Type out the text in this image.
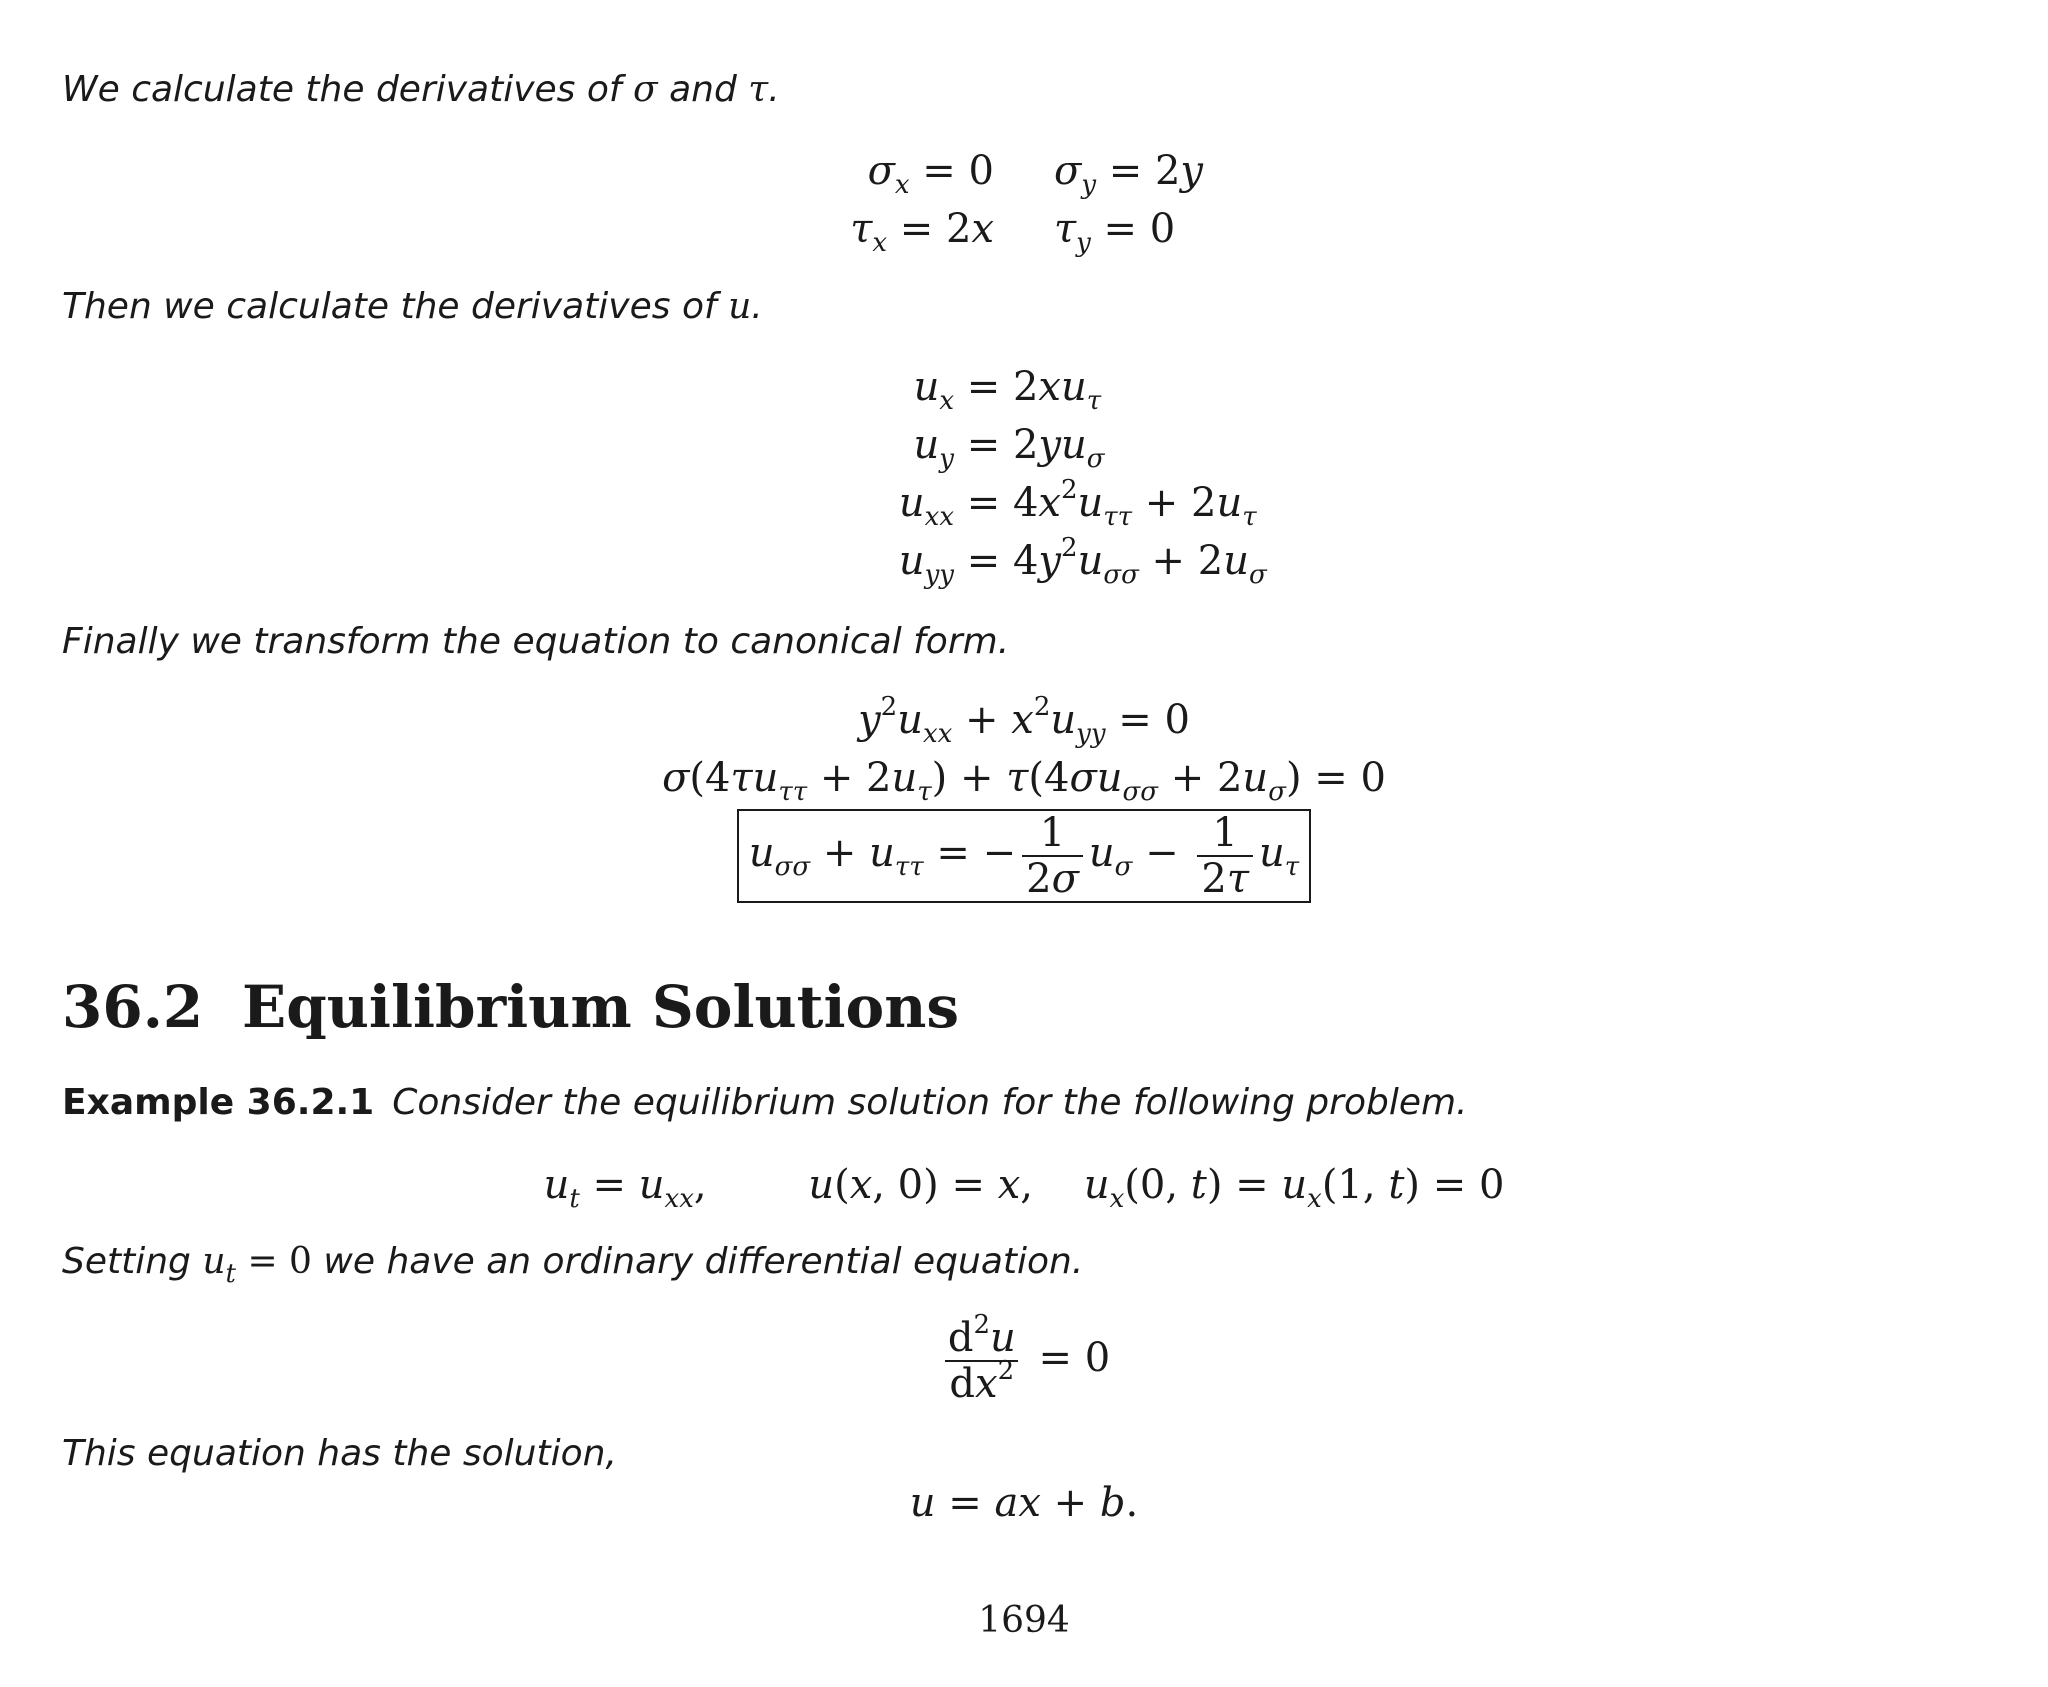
We calculate the derivatives of σ and τ.
$\sigma_x = 0$ $\sigma_y = 2y$
$\tau_x = 2x$ $\tau_y = 0$
Then we calculate the derivatives of u.
$u_x = 2xu_\tau$
$u_y = 2yu_\sigma$
$u_{xx} = 4x^2u_{\tau\tau} + 2u_\tau$
$u_{yy} = 4y^2u_{\sigma\sigma} + 2u_\sigma$
Finally we transform the equation to canonical form.
$y^2u_{xx} + x^2u_{yy} = 0$
$\sigma(4\tau u_{\tau\tau} + 2u_\tau) + \tau(4\sigma u_{\sigma\sigma} + 2u_\sigma) = 0$
$u_{\sigma\sigma} + u_{\tau\tau}$ = − $\frac{1}{2\sigma} u_\sigma - \frac{1}{2\tau} u_\tau$
36.2 Equilibrium Solutions
Example 36.2.1 Consider the equilibrium solution for the following problem.
$u_t = u_{xx}$,        u(x, 0) = x,    $u_x(0$, $t) = u_x(1$, t) = 0
Setting $u_t = 0$ we have an ordinary differential equation.
$\frac{d^2u}{dx^2} = 0$
This equation has the solution,
u = ax + b.
1694
